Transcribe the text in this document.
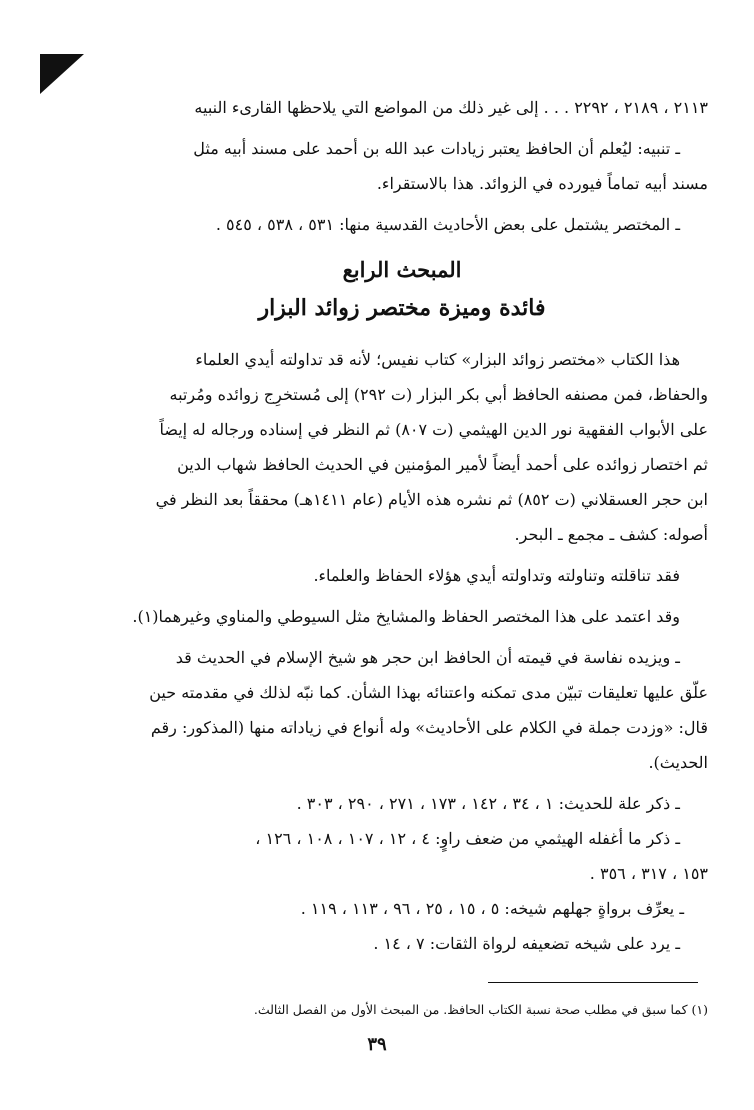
٢١١٣ ، ٢١٨٩ ، ٢٢٩٢ . . . إلى غير ذلك من المواضع التي يلاحظها القارىء النبيه

ـ تنبيه: ليُعلم أن الحافظ يعتبر زيادات عبد الله بن أحمد على مسند أبيه مثل

مسند أبيه تماماً فيورده في الزوائد. هذا بالاستقراء.

ـ المختصر يشتمل على بعض الأحاديث القدسية منها: ٥٣١ ، ٥٣٨ ، ٥٤٥ .

المبحث الرابع

فائدة وميزة مختصر زوائد البزار

هذا الكتاب «مختصر زوائد البزار» كتاب نفيس؛ لأنه قد تداولته أيدي العلماء

والحفاظ، فمن مصنفه الحافظ أبي بكر البزار (ت ٢٩٢) إلى مُستخرِج زوائده ومُرتبه

على الأبواب الفقهية نور الدين الهيثمي (ت ٨٠٧) ثم النظر في إسناده ورجاله له إيضاً

ثم اختصار زوائده على أحمد أيضاً لأمير المؤمنين في الحديث الحافظ شهاب الدين

ابن حجر العسقلاني (ت ٨٥٢) ثم نشره هذه الأيام (عام ١٤١١هـ) محققاً بعد النظر في

أصوله: كشف ـ مجمع ـ البحر.

فقد تناقلته وتناولته وتداولته أيدي هؤلاء الحفاظ والعلماء.

وقد اعتمد على هذا المختصر الحفاظ والمشايخ مثل السيوطي والمناوي وغيرهما(١).

ـ ويزيده نفاسة في قيمته أن الحافظ ابن حجر هو شيخ الإسلام في الحديث قد

علّق عليها تعليقات تبيّن مدى تمكنه واعتنائه بهذا الشأن. كما نبّه لذلك في مقدمته حين

قال: «وزدت جملة في الكلام على الأحاديث» وله أنواع في زياداته منها (المذكور: رقم

الحديث).

ـ ذكر علة للحديث: ١ ، ٣٤ ، ١٤٢ ، ١٧٣ ، ٢٧١ ، ٢٩٠ ، ٣٠٣ .

ـ ذكر ما أغفله الهيثمي من ضعف راوٍ: ٤ ، ١٢ ، ١٠٧ ، ١٠٨ ، ١٢٦ ،

١٥٣ ، ٣١٧ ، ٣٥٦ .

ـ يعرِّف برواةٍ جهلهم شيخه: ٥ ، ١٥ ، ٢٥ ، ٩٦ ، ١١٣ ، ١١٩ .

ـ يرد على شيخه تضعيفه لرواة الثقات: ٧ ، ١٤ .

(١) كما سبق في مطلب صحة نسبة الكتاب الحافظ. من المبحث الأول من الفصل الثالث.

٣٩
